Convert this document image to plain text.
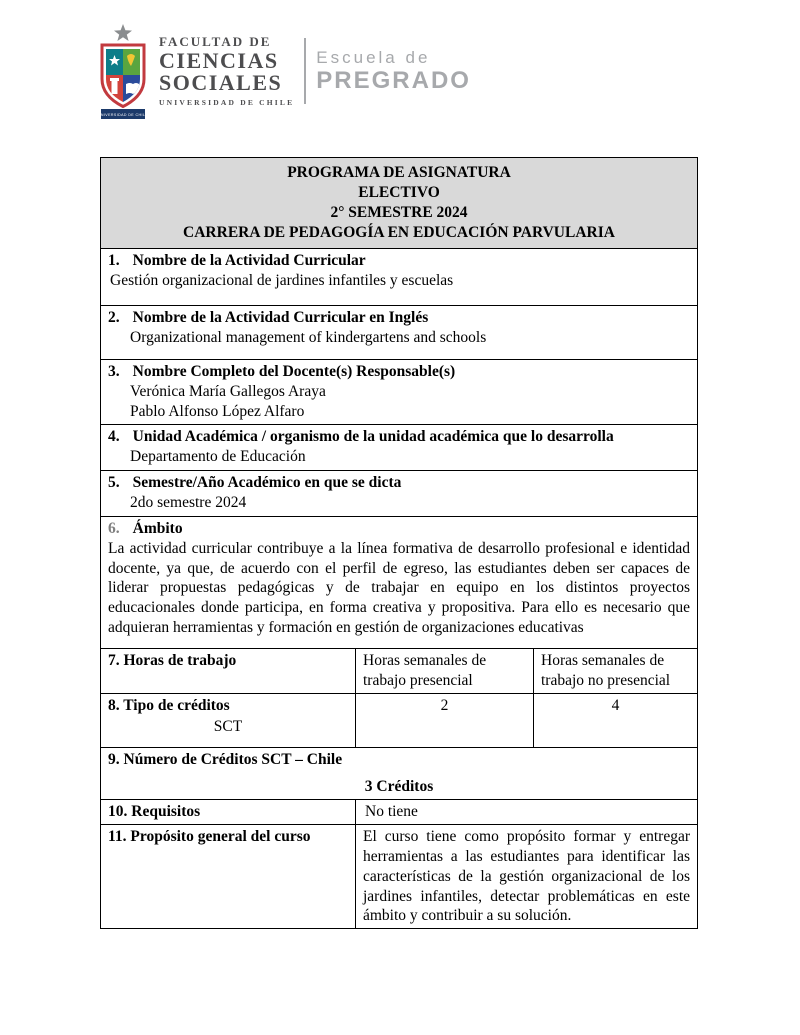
UNIVERSIDAD DE CHILE
FACULTAD DE
CIENCIAS
SOCIALES
UNIVERSIDAD DE CHILE
Escuela de
PREGRADO
PROGRAMA DE ASIGNATURA
ELECTIVO
2° SEMESTRE 2024
CARRERA DE PEDAGOGÍA EN EDUCACIÓN PARVULARIA		

1. Nombre de la Actividad Curricular
Gestión organizacional de jardines infantiles y escuelas		

2. Nombre de la Actividad Curricular en Inglés
Organizational management of kindergartens and schools		

3. Nombre Completo del Docente(s) Responsable(s)
Verónica María Gallegos Araya
Pablo Alfonso López Alfaro		

4. Unidad Académica / organismo de la unidad académica que lo desarrolla
Departamento de Educación		

5. Semestre/Año Académico en que se dicta
2do semestre 2024		

6. Ámbito
La actividad curricular contribuye a la línea formativa de desarrollo profesional e identidad docente, ya que, de acuerdo con el perfil de egreso, las estudiantes deben ser capaces de liderar propuestas pedagógicas y de trabajar en equipo en los distintos proyectos educacionales donde participa, en forma creativa y propositiva. Para ello es necesario que adquieran herramientas y formación en gestión de organizaciones educativas		

7. Horas de trabajo	Horas semanales de trabajo presencial	Horas semanales de trabajo no presencial

8. Tipo de créditos
SCT	2	4

9. Número de Créditos SCT – Chile
3 Créditos		

10. Requisitos	No tiene	

11. Propósito general del curso	El curso tiene como propósito formar y entregar herramientas a las estudiantes para identificar las características de la gestión organizacional de los jardines infantiles, detectar problemáticas en este ámbito y contribuir a su solución.	
